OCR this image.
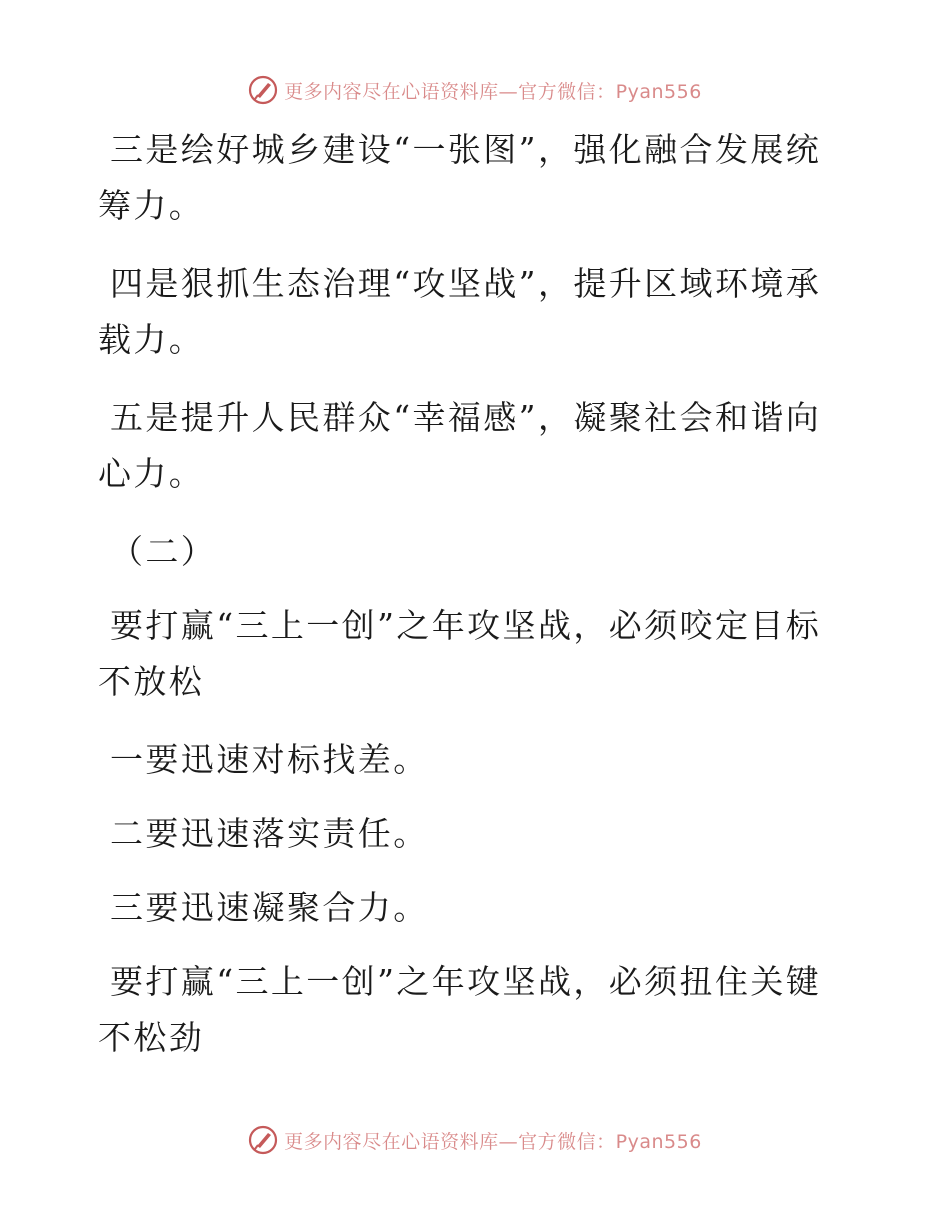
更多内容尽在心语资料库—官方微信：Pyan556

三是绘好城乡建设“一张图”，强化融合发展统筹力。

四是狠抓生态治理“攻坚战”，提升区域环境承载力。

五是提升人民群众“幸福感”，凝聚社会和谐向心力。

（二）

要打赢“三上一创”之年攻坚战，必须咬定目标不放松

一要迅速对标找差。

二要迅速落实责任。

三要迅速凝聚合力。

要打赢“三上一创”之年攻坚战，必须扭住关键不松劲

更多内容尽在心语资料库—官方微信：Pyan556
